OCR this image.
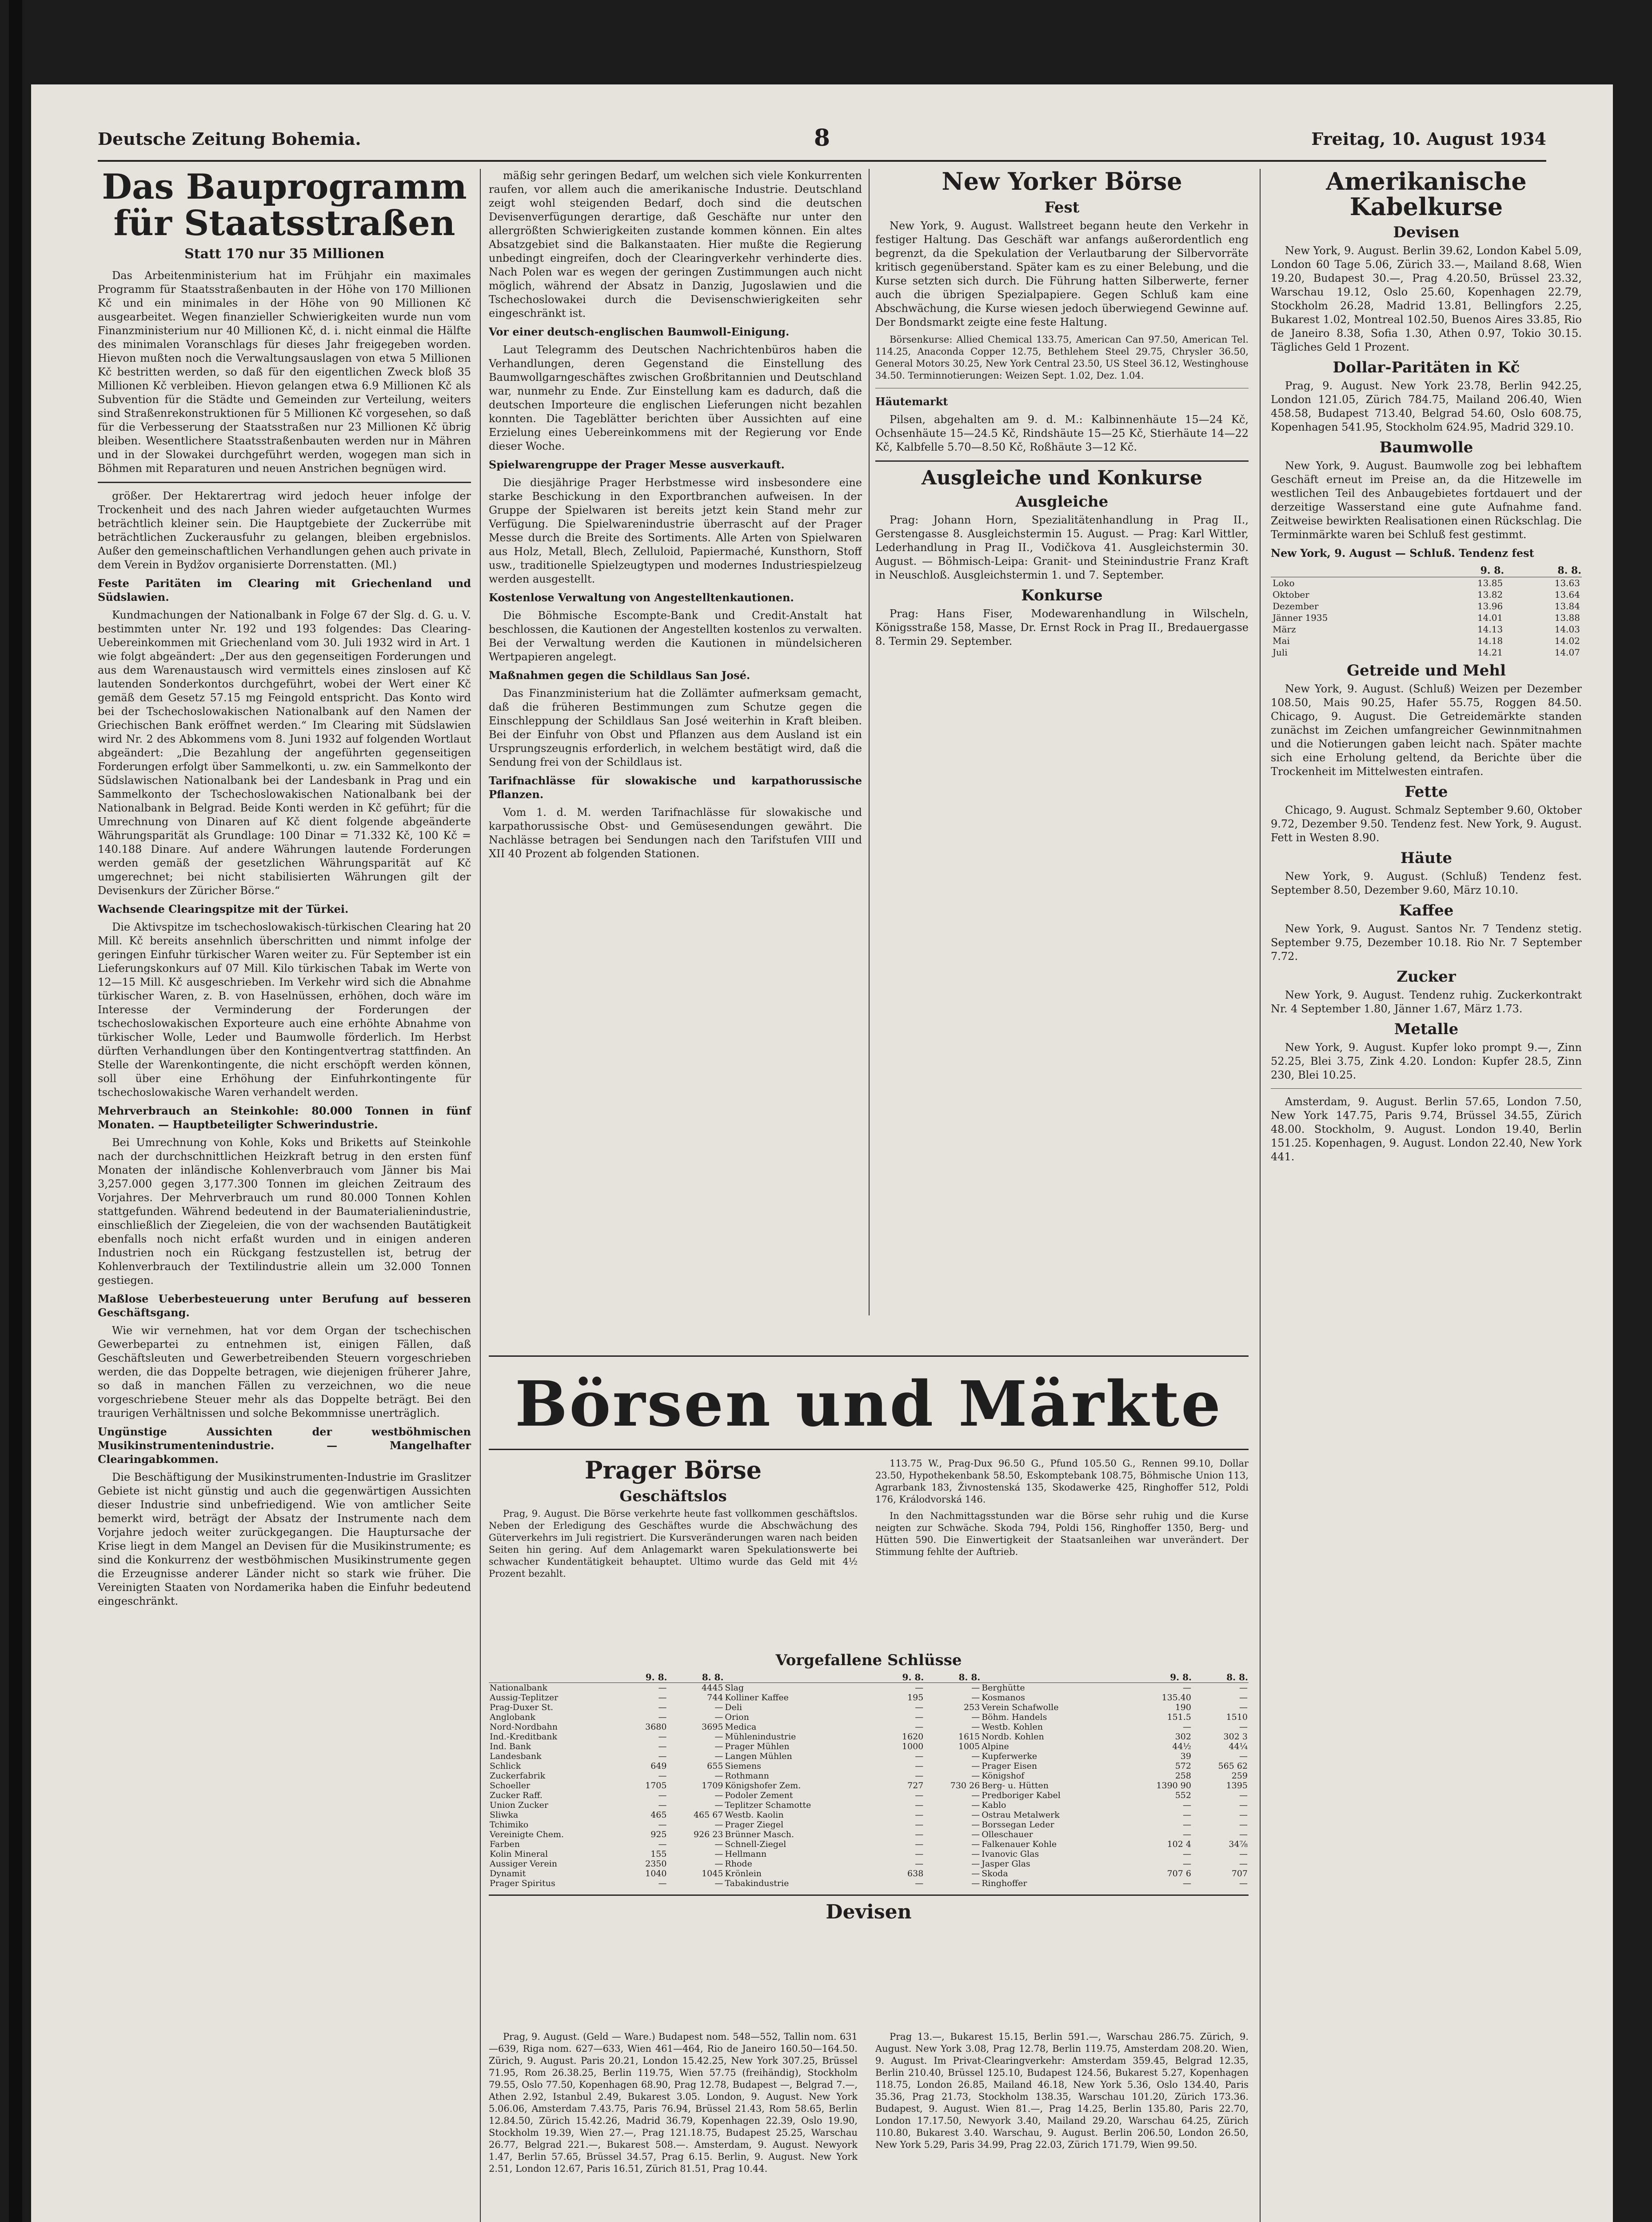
Deutsche Zeitung Bohemia.	8	Freitag, 10. August 1934
Das Bauprogramm für Staatsstraßen
Statt 170 nur 35 Millionen

Das Arbeitenministerium hat im Frühjahr ein maximales Programm für Staatsstraßenbauten in der Höhe von 170 Millionen Kč und ein minimales in der Höhe von 90 Millionen Kč ausgearbeitet. Wegen finanzieller Schwierigkeiten wurde nun vom Finanzministerium nur 40 Millionen Kč, d. i. nicht einmal die Hälfte des minimalen Voranschlags für dieses Jahr freigegeben worden. Hievon mußten noch die Verwaltungsauslagen von etwa 5 Millionen Kč bestritten werden, so daß für den eigentlichen Zweck bloß 35 Millionen Kč verbleiben. Hievon gelangen etwa 6.9 Millionen Kč als Subvention für die Städte und Gemeinden zur Verteilung, weiters sind Straßenrekonstruktionen für 5 Millionen Kč vorgesehen, so daß für die Verbesserung der Staatsstraßen nur 23 Millionen Kč übrig bleiben. Wesentlichere Staatsstraßenbauten werden nur in Mähren und in der Slowakei durchgeführt werden, wogegen man sich in Böhmen mit Reparaturen und neuen Anstrichen begnügen wird.

größer. Der Hektarertrag wird jedoch heuer infolge der Trockenheit und des nach Jahren wieder aufgetauchten Wurmes beträchtlich kleiner sein. Die Hauptgebiete der Zuckerrübe mit beträchtlichen Zuckerausfuhr zu gelangen, bleiben ergebnislos. Außer den gemeinschaftlichen Verhandlungen gehen auch private in dem Verein in Bydžov organisierte Dorrenstatten. (Ml.)

Feste Paritäten im Clearing mit Griechenland und Südslawien.

Kundmachungen der Nationalbank in Folge 67 der Slg. d. G. u. V. bestimmten unter Nr. 192 und 193 folgendes: Das Clearing-Uebereinkommen mit Griechenland vom 30. Juli 1932 wird in Art. 1 wie folgt abgeändert: „Der aus den gegenseitigen Forderungen und aus dem Warenaustausch wird vermittels eines zinslosen auf Kč lautenden Sonderkontos durchgeführt, wobei der Wert einer Kč gemäß dem Gesetz 57.15 mg Feingold entspricht. Das Konto wird bei der Tschechoslowakischen Nationalbank auf den Namen der Griechischen Bank eröffnet werden.“ Im Clearing mit Südslawien wird Nr. 2 des Abkommens vom 8. Juni 1932 auf folgenden Wortlaut abgeändert: „Die Bezahlung der angeführten gegenseitigen Forderungen erfolgt über Sammelkonti, u. zw. ein Sammelkonto der Südslawischen Nationalbank bei der Landesbank in Prag und ein Sammelkonto der Tschechoslowakischen Nationalbank bei der Nationalbank in Belgrad. Beide Konti werden in Kč geführt; für die Umrechnung von Dinaren auf Kč dient folgende abgeänderte Währungsparität als Grundlage: 100 Dinar = 71.332 Kč, 100 Kč = 140.188 Dinare. Auf andere Währungen lautende Forderungen werden gemäß der gesetzlichen Währungsparität auf Kč umgerechnet; bei nicht stabilisierten Währungen gilt der Devisenkurs der Züricher Börse.“

Wachsende Clearingspitze mit der Türkei.

Die Aktivspitze im tschechoslowakisch-türkischen Clearing hat 20 Mill. Kč bereits ansehnlich überschritten und nimmt infolge der geringen Einfuhr türkischer Waren weiter zu. Für September ist ein Lieferungskonkurs auf 07 Mill. Kilo türkischen Tabak im Werte von 12—15 Mill. Kč ausgeschrieben. Im Verkehr wird sich die Abnahme türkischer Waren, z. B. von Haselnüssen, erhöhen, doch wäre im Interesse der Verminderung der Forderungen der tschechoslowakischen Exporteure auch eine erhöhte Abnahme von türkischer Wolle, Leder und Baumwolle förderlich. Im Herbst dürften Verhandlungen über den Kontingentvertrag stattfinden. An Stelle der Warenkontingente, die nicht erschöpft werden können, soll über eine Erhöhung der Einfuhrkontingente für tschechoslowakische Waren verhandelt werden.

Mehrverbrauch an Steinkohle: 80.000 Tonnen in fünf Monaten. — Hauptbeteiligter Schwerindustrie.

Bei Umrechnung von Kohle, Koks und Briketts auf Steinkohle nach der durchschnittlichen Heizkraft betrug in den ersten fünf Monaten der inländische Kohlenverbrauch vom Jänner bis Mai 3,257.000 gegen 3,177.300 Tonnen im gleichen Zeitraum des Vorjahres. Der Mehrverbrauch um rund 80.000 Tonnen Kohlen stattgefunden. Während bedeutend in der Baumaterialienindustrie, einschließlich der Ziegeleien, die von der wachsenden Bautätigkeit ebenfalls noch nicht erfaßt wurden und in einigen anderen Industrien noch ein Rückgang festzustellen ist, betrug der Kohlenverbrauch der Textilindustrie allein um 32.000 Tonnen gestiegen.

Maßlose Ueberbesteuerung unter Berufung auf besseren Geschäftsgang.

Wie wir vernehmen, hat vor dem Organ der tschechischen Gewerbepartei zu entnehmen ist, einigen Fällen, daß Geschäftsleuten und Gewerbetreibenden Steuern vorgeschrieben werden, die das Doppelte betragen, wie diejenigen früherer Jahre, so daß in manchen Fällen zu verzeichnen, wo die neue vorgeschriebene Steuer mehr als das Doppelte beträgt. Bei den traurigen Verhältnissen und solche Bekommnisse unerträglich.

Ungünstige Aussichten der westböhmischen Musikinstrumentenindustrie. — Mangelhafter Clearingabkommen.

Die Beschäftigung der Musikinstrumenten-Industrie im Graslitzer Gebiete ist nicht günstig und auch die gegenwärtigen Aussichten dieser Industrie sind unbefriedigend. Wie von amtlicher Seite bemerkt wird, beträgt der Absatz der Instrumente nach dem Vorjahre jedoch weiter zurückgegangen. Die Hauptursache der Krise liegt in dem Mangel an Devisen für die Musikinstrumente; es sind die Konkurrenz der westböhmischen Musikinstrumente gegen die Erzeugnisse anderer Länder nicht so stark wie früher. Die Vereinigten Staaten von Nordamerika haben die Einfuhr bedeutend eingeschränkt.

mäßig sehr geringen Bedarf, um welchen sich viele Konkurrenten raufen, vor allem auch die amerikanische Industrie. Deutschland zeigt wohl steigenden Bedarf, doch sind die deutschen Devisenverfügungen derartige, daß Geschäfte nur unter den allergrößten Schwierigkeiten zustande kommen können. Ein altes Absatzgebiet sind die Balkanstaaten. Hier mußte die Regierung unbedingt eingreifen, doch der Clearingverkehr verhinderte dies. Nach Polen war es wegen der geringen Zustimmungen auch nicht möglich, während der Absatz in Danzig, Jugoslawien und die Tschechoslowakei durch die Devisenschwierigkeiten sehr eingeschränkt ist.

Vor einer deutsch-englischen Baumwoll-Einigung.

Laut Telegramm des Deutschen Nachrichtenbüros haben die Verhandlungen, deren Gegenstand die Einstellung des Baumwollgarngeschäftes zwischen Großbritannien und Deutschland war, nunmehr zu Ende. Zur Einstellung kam es dadurch, daß die deutschen Importeure die englischen Lieferungen nicht bezahlen konnten. Die Tageblätter berichten über Aussichten auf eine Erzielung eines Uebereinkommens mit der Regierung vor Ende dieser Woche.

Spielwarengruppe der Prager Messe ausverkauft.

Die diesjährige Prager Herbstmesse wird insbesondere eine starke Beschickung in den Exportbranchen aufweisen. In der Gruppe der Spielwaren ist bereits jetzt kein Stand mehr zur Verfügung. Die Spielwarenindustrie überrascht auf der Prager Messe durch die Breite des Sortiments. Alle Arten von Spielwaren aus Holz, Metall, Blech, Zelluloid, Papiermaché, Kunsthorn, Stoff usw., traditionelle Spielzeugtypen und modernes Industriespielzeug werden ausgestellt.

Kostenlose Verwaltung von Angestelltenkautionen.

Die Böhmische Escompte-Bank und Credit-Anstalt hat beschlossen, die Kautionen der Angestellten kostenlos zu verwalten. Bei der Verwaltung werden die Kautionen in mündelsicheren Wertpapieren angelegt.

Maßnahmen gegen die Schildlaus San José.

Das Finanzministerium hat die Zollämter aufmerksam gemacht, daß die früheren Bestimmungen zum Schutze gegen die Einschleppung der Schildlaus San José weiterhin in Kraft bleiben. Bei der Einfuhr von Obst und Pflanzen aus dem Ausland ist ein Ursprungszeugnis erforderlich, in welchem bestätigt wird, daß die Sendung frei von der Schildlaus ist.

Tarifnachlässe für slowakische und karpathorussische Pflanzen.

Vom 1. d. M. werden Tarifnachlässe für slowakische und karpathorussische Obst- und Gemüsesendungen gewährt. Die Nachlässe betragen bei Sendungen nach den Tarifstufen VIII und XII 40 Prozent ab folgenden Stationen.

New Yorker Börse
Fest

New York, 9. August. Wallstreet begann heute den Verkehr in festiger Haltung. Das Geschäft war anfangs außerordentlich eng begrenzt, da die Spekulation der Verlautbarung der Silbervorräte kritisch gegenüberstand. Später kam es zu einer Belebung, und die Kurse setzten sich durch. Die Führung hatten Silberwerte, ferner auch die übrigen Spezialpapiere. Gegen Schluß kam eine Abschwächung, die Kurse wiesen jedoch überwiegend Gewinne auf. Der Bondsmarkt zeigte eine feste Haltung.

Börsenkurse: Allied Chemical 133.75, American Can 97.50, American Tel. 114.25, Anaconda Copper 12.75, Bethlehem Steel 29.75, Chrysler 36.50, General Motors 30.25, New York Central 23.50, US Steel 36.12, Westinghouse 34.50. Terminnotierungen: Weizen Sept. 1.02, Dez. 1.04.

Häutemarkt

Pilsen, abgehalten am 9. d. M.: Kalbinnenhäute 15—24 Kč, Ochsenhäute 15—24.5 Kč, Rindshäute 15—25 Kč, Stierhäute 14—22 Kč, Kalbfelle 5.70—8.50 Kč, Roßhäute 3—12 Kč.

Ausgleiche und Konkurse
Ausgleiche

Prag: Johann Horn, Spezialitätenhandlung in Prag II., Gerstengasse 8. Ausgleichstermin 15. August. — Prag: Karl Wittler, Lederhandlung in Prag II., Vodičkova 41. Ausgleichstermin 30. August. — Böhmisch-Leipa: Granit- und Steinindustrie Franz Kraft in Neuschloß. Ausgleichstermin 1. und 7. September.

Konkurse

Prag: Hans Fiser, Modewarenhandlung in Wilscheln, Königsstraße 158, Masse, Dr. Ernst Rock in Prag II., Bredauergasse 8. Termin 29. September.

Börsen und Märkte
Prager Börse
Geschäftslos

Prag, 9. August. Die Börse verkehrte heute fast vollkommen geschäftslos. Neben der Erledigung des Geschäftes wurde die Abschwächung des Güterverkehrs im Juli registriert. Die Kursveränderungen waren nach beiden Seiten hin gering. Auf dem Anlagemarkt waren Spekulationswerte bei schwacher Kundentätigkeit behauptet. Ultimo wurde das Geld mit 4½ Prozent bezahlt.

113.75 W., Prag-Dux 96.50 G., Pfund 105.50 G., Rennen 99.10, Dollar 23.50, Hypothekenbank 58.50, Eskomptebank 108.75, Böhmische Union 113, Agrarbank 183, Živnostenská 135, Skodawerke 425, Ringhoffer 512, Poldi 176, Králodvorská 146.

In den Nachmittagsstunden war die Börse sehr ruhig und die Kurse neigten zur Schwäche. Skoda 794, Poldi 156, Ringhoffer 1350, Berg- und Hütten 590. Die Einwertigkeit der Staatsanleihen war unverändert. Der Stimmung fehlte der Auftrieb.

Vorgefallene Schlüsse
	9. 8.	8. 8.		9. 8.	8. 8.		9. 8.	8. 8.
Nationalbank	—	4445	Slag	—	—	Berghütte	—	—
Aussig-Teplitzer	—	744	Kolliner Kaffee	195	—	Kosmanos	135.40	—
Prag-Duxer St.	—	—	Deli	—	253	Verein Schafwolle	190	—
Anglobank	—	—	Orion	—	—	Böhm. Handels	151.5	1510
Nord-Nordbahn	3680	3695	Medica	—	—	Westb. Kohlen	—	—
Ind.-Kreditbank	—	—	Mühlenindustrie	1620	1615	Nordb. Kohlen	302	302 3
Ind. Bank	—	—	Prager Mühlen	1000	1005	Alpine	44½	44¼
Landesbank	—	—	Langen Mühlen	—	—	Kupferwerke	39	—
Schlick	649	655	Siemens	—	—	Prager Eisen	572	565 62
Zuckerfabrik	—	—	Rothmann	—	—	Königshof	258	259
Schoeller	1705	1709	Königshofer Zem.	727	730 26	Berg- u. Hütten	1390 90	1395
Zucker Raff.	—	—	Podoler Zement	—	—	Predboriger Kabel	552	—
Union Zucker	—	—	Teplitzer Schamotte	—	—	Kablo	—	—
Sliwka	465	465 67	Westb. Kaolin	—	—	Ostrau Metalwerk	—	—
Tchimiko	—	—	Prager Ziegel	—	—	Borssegan Leder	—	—
Vereinigte Chem.	925	926 23	Brünner Masch.	—	—	Olleschauer	—	—
Farben	—	—	Schnell-Ziegel	—	—	Falkenauer Kohle	102 4	34⅞
Kolin Mineral	155	—	Hellmann	—	—	Ivanovic Glas	—	—
Aussiger Verein	2350	—	Rhode	—	—	Jasper Glas	—	—
Dynamit	1040	1045	Krönlein	638	—	Skoda	707 6	707
Prager Spiritus	—	—	Tabakindustrie	—	—	Ringhoffer	—	—
Devisen

Prag, 9. August. (Geld — Ware.) Budapest nom. 548—552, Tallin nom. 631—639, Riga nom. 627—633, Wien 461—464, Rio de Janeiro 160.50—164.50. Zürich, 9. August. Paris 20.21, London 15.42.25, New York 307.25, Brüssel 71.95, Rom 26.38.25, Berlin 119.75, Wien 57.75 (freihändig), Stockholm 79.55, Oslo 77.50, Kopenhagen 68.90, Prag 12.78, Budapest —, Belgrad 7.—, Athen 2.92, Istanbul 2.49, Bukarest 3.05. London, 9. August. New York 5.06.06, Amsterdam 7.43.75, Paris 76.94, Brüssel 21.43, Rom 58.65, Berlin 12.84.50, Zürich 15.42.26, Madrid 36.79, Kopenhagen 22.39, Oslo 19.90, Stockholm 19.39, Wien 27.—, Prag 121.18.75, Budapest 25.25, Warschau 26.77, Belgrad 221.—, Bukarest 508.—. Amsterdam, 9. August. Newyork 1.47, Berlin 57.65, Brüssel 34.57, Prag 6.15. Berlin, 9. August. New York 2.51, London 12.67, Paris 16.51, Zürich 81.51, Prag 10.44.

Prag 13.—, Bukarest 15.15, Berlin 591.—, Warschau 286.75. Zürich, 9. August. New York 3.08, Prag 12.78, Berlin 119.75, Amsterdam 208.20. Wien, 9. August. Im Privat-Clearingverkehr: Amsterdam 359.45, Belgrad 12.35, Berlin 210.40, Brüssel 125.10, Budapest 124.56, Bukarest 5.27, Kopenhagen 118.75, London 26.85, Mailand 46.18, New York 5.36, Oslo 134.40, Paris 35.36, Prag 21.73, Stockholm 138.35, Warschau 101.20, Zürich 173.36. Budapest, 9. August. Wien 81.—, Prag 14.25, Berlin 135.80, Paris 22.70, London 17.17.50, Newyork 3.40, Mailand 29.20, Warschau 64.25, Zürich 110.80, Bukarest 3.40. Warschau, 9. August. Berlin 206.50, London 26.50, New York 5.29, Paris 34.99, Prag 22.03, Zürich 171.79, Wien 99.50.

Amerikanische Kabelkurse
Devisen

New York, 9. August. Berlin 39.62, London Kabel 5.09, London 60 Tage 5.06, Zürich 33.—, Mailand 8.68, Wien 19.20, Budapest 30.—, Prag 4.20.50, Brüssel 23.32, Warschau 19.12, Oslo 25.60, Kopenhagen 22.79, Stockholm 26.28, Madrid 13.81, Bellingfors 2.25, Bukarest 1.02, Montreal 102.50, Buenos Aires 33.85, Rio de Janeiro 8.38, Sofia 1.30, Athen 0.97, Tokio 30.15. Tägliches Geld 1 Prozent.

Dollar-Paritäten in Kč

Prag, 9. August. New York 23.78, Berlin 942.25, London 121.05, Zürich 784.75, Mailand 206.40, Wien 458.58, Budapest 713.40, Belgrad 54.60, Oslo 608.75, Kopenhagen 541.95, Stockholm 624.95, Madrid 329.10.

Baumwolle

New York, 9. August. Baumwolle zog bei lebhaftem Geschäft erneut im Preise an, da die Hitzewelle im westlichen Teil des Anbaugebietes fortdauert und der derzeitige Wasserstand eine gute Aufnahme fand. Zeitweise bewirkten Realisationen einen Rückschlag. Die Terminmärkte waren bei Schluß fest gestimmt.

New York, 9. August — Schluß. Tendenz fest

	9. 8.	8. 8.
Loko	13.85	13.63
Oktober	13.82	13.64
Dezember	13.96	13.84
Jänner 1935	14.01	13.88
März	14.13	14.03
Mai	14.18	14.02
Juli	14.21	14.07
Getreide und Mehl

New York, 9. August. (Schluß) Weizen per Dezember 108.50, Mais 90.25, Hafer 55.75, Roggen 84.50. Chicago, 9. August. Die Getreidemärkte standen zunächst im Zeichen umfangreicher Gewinnmitnahmen und die Notierungen gaben leicht nach. Später machte sich eine Erholung geltend, da Berichte über die Trockenheit im Mittelwesten eintrafen.

Fette

Chicago, 9. August. Schmalz September 9.60, Oktober 9.72, Dezember 9.50. Tendenz fest. New York, 9. August. Fett in Westen 8.90.

Häute

New York, 9. August. (Schluß) Tendenz fest. September 8.50, Dezember 9.60, März 10.10.

Kaffee

New York, 9. August. Santos Nr. 7 Tendenz stetig. September 9.75, Dezember 10.18. Rio Nr. 7 September 7.72.

Zucker

New York, 9. August. Tendenz ruhig. Zuckerkontrakt Nr. 4 September 1.80, Jänner 1.67, März 1.73.

Metalle

New York, 9. August. Kupfer loko prompt 9.—, Zinn 52.25, Blei 3.75, Zink 4.20. London: Kupfer 28.5, Zinn 230, Blei 10.25.

Amsterdam, 9. August. Berlin 57.65, London 7.50, New York 147.75, Paris 9.74, Brüssel 34.55, Zürich 48.00. Stockholm, 9. August. London 19.40, Berlin 151.25. Kopenhagen, 9. August. London 22.40, New York 441.
